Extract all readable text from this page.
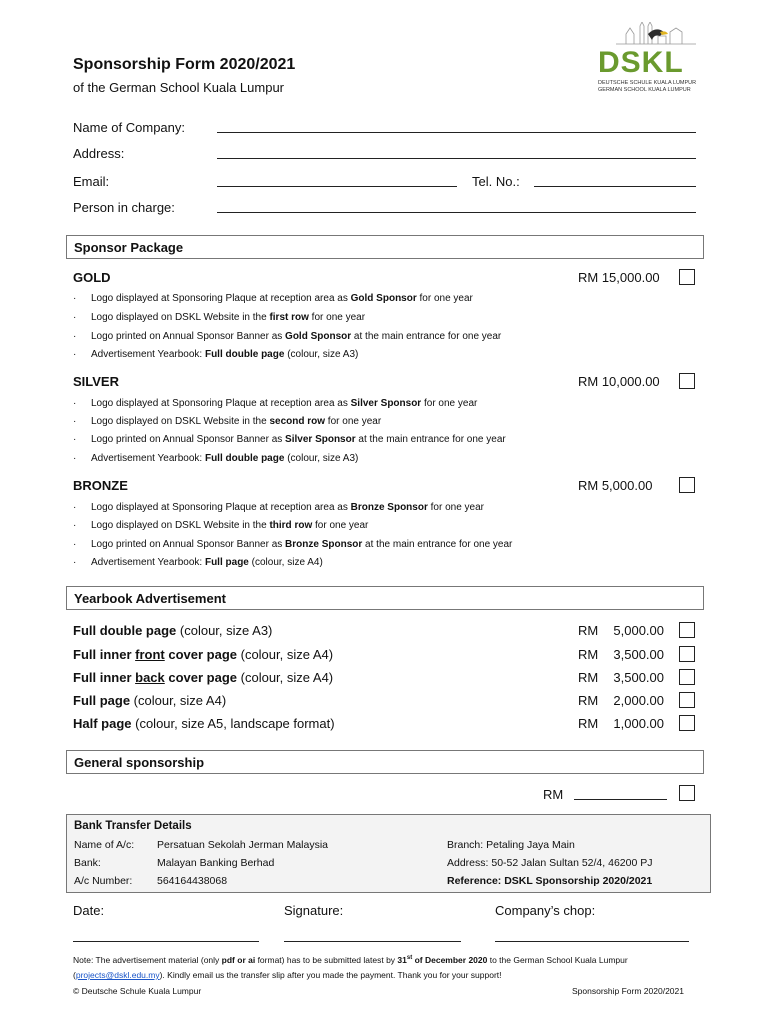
Sponsorship Form 2020/2021
of the German School Kuala Lumpur
DSKL
DEUTSCHE SCHULE KUALA LUMPUR
GERMAN SCHOOL KUALA LUMPUR
Name of Company:
Address:
Email:	Tel. No.:
Person in charge:
Sponsor Package
GOLD	RM 15,000.00
· Logo displayed at Sponsoring Plaque at reception area as Gold Sponsor for one year
· Logo displayed on DSKL Website in the first row for one year
· Logo printed on Annual Sponsor Banner as Gold Sponsor at the main entrance for one year
· Advertisement Yearbook: Full double page (colour, size A3)
SILVER	RM 10,000.00
· Logo displayed at Sponsoring Plaque at reception area as Silver Sponsor for one year
· Logo displayed on DSKL Website in the second row for one year
· Logo printed on Annual Sponsor Banner as Silver Sponsor at the main entrance for one year
· Advertisement Yearbook: Full double page (colour, size A3)
BRONZE	RM 5,000.00
· Logo displayed at Sponsoring Plaque at reception area as Bronze Sponsor for one year
· Logo displayed on DSKL Website in the third row for one year
· Logo printed on Annual Sponsor Banner as Bronze Sponsor at the main entrance for one year
· Advertisement Yearbook: Full page (colour, size A4)
Yearbook Advertisement
Full double page (colour, size A3)	RM 5,000.00
Full inner front cover page (colour, size A4)	RM 3,500.00
Full inner back cover page (colour, size A4)	RM 3,500.00
Full page (colour, size A4)	RM 2,000.00
Half page (colour, size A5, landscape format)	RM 1,000.00
General sponsorship
RM
Bank Transfer Details
Name of A/c: Persatuan Sekolah Jerman Malaysia
Bank:	Malayan Banking Berhad
A/c Number: 564164438068
Branch: Petaling Jaya Main
Address: 50-52 Jalan Sultan 52/4, 46200 PJ
Reference: DSKL Sponsorship 2020/2021
Date:	Signature:	Company’s chop:
Note: The advertisement material (only pdf or ai format) has to be submitted latest by 31st of December 2020 to the German School Kuala Lumpur
(projects@dskl.edu.my). Kindly email us the transfer slip after you made the payment. Thank you for your support!
© Deutsche Schule Kuala Lumpur	Sponsorship Form 2020/2021
